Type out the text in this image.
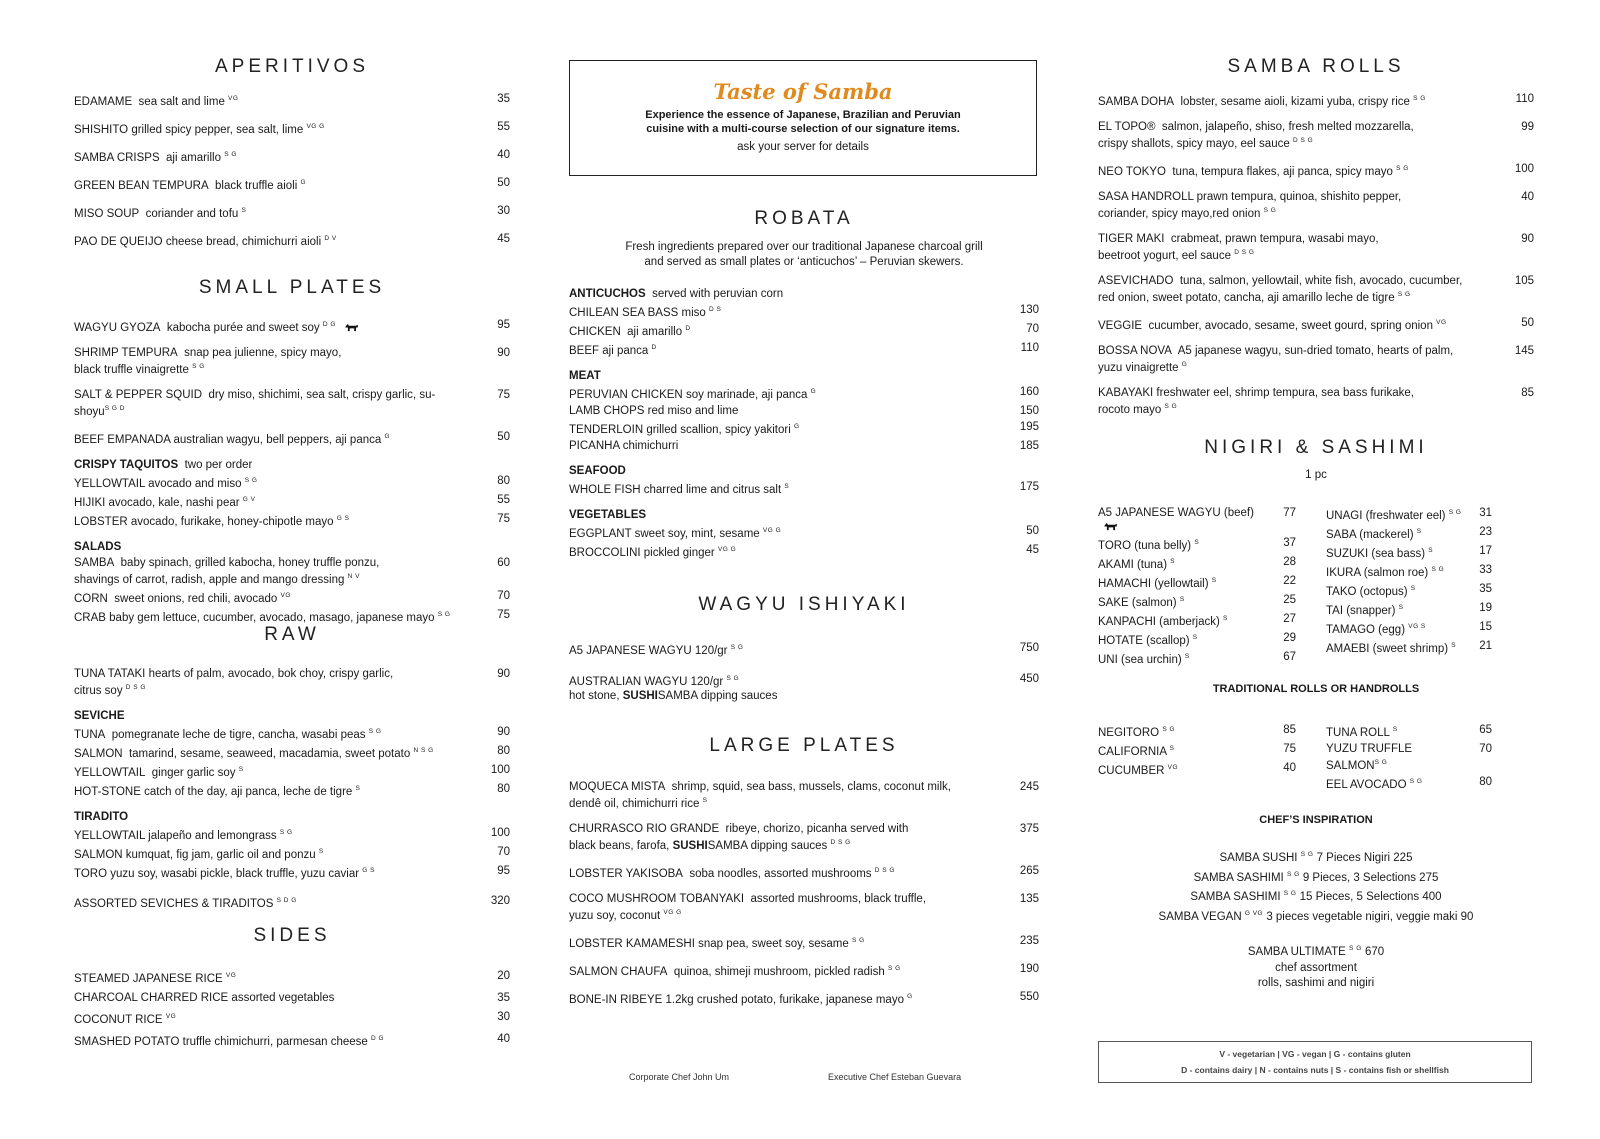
APERITIVOS
EDAMAME sea salt and lime $^{VG}$	35
SHISHITO grilled spicy pepper, sea salt, lime $^{VG G}$	55
SAMBA CRISPS aji amarillo $^{S G}$	40
GREEN BEAN TEMPURA black truffle aioli $^G$	50
MISO SOUP coriander and tofu $^S$	30
PAO DE QUEIJO cheese bread, chimichurri aioli $^{D V}$	45
SMALL PLATES
WAGYU GYOZA kabocha purée and sweet soy $^{D G}$	95
SHRIMP TEMPURA snap pea julienne, spicy mayo,
black truffle vinaigrette $^{S G}$
90
SALT & PEPPER SQUID dry miso, shichimi, sea salt, crispy garlic, su-shoyu$^{S G D}$
75
BEEF EMPANADA australian wagyu, bell peppers, aji panca $^G$	50
CRISPY TAQUITOS two per order
YELLOWTAIL avocado and miso $^{S G}$	80
HIJIKI avocado, kale, nashi pear $^{G V}$	55
LOBSTER avocado, furikake, honey-chipotle mayo $^{G S}$	75
SALADS
SAMBA baby spinach, grilled kabocha, honey truffle ponzu,
shavings of carrot, radish, apple and mango dressing $^{N V}$
60
CORN sweet onions, red chili, avocado $^{VG}$	70
CRAB baby gem lettuce, cucumber, avocado, masago, japanese mayo $^{S G}$	75
RAW
TUNA TATAKI hearts of palm, avocado, bok choy, crispy garlic,
citrus soy $^{D S G}$
90
SEVICHE
TUNA pomegranate leche de tigre, cancha, wasabi peas $^{S G}$	90
SALMON tamarind, sesame, seaweed, macadamia, sweet potato $^{N S G}$	80
YELLOWTAIL ginger garlic soy $^S$	100
HOT-STONE catch of the day, aji panca, leche de tigre $^S$	80
TIRADITO
YELLOWTAIL jalapeño and lemongrass $^{S G}$	100
SALMON kumquat, fig jam, garlic oil and ponzu $^S$	70
TORO yuzu soy, wasabi pickle, black truffle, yuzu caviar $^{G S}$	95
ASSORTED SEVICHES & TIRADITOS $^{S D G}$	320
SIDES
STEAMED JAPANESE RICE $^{VG}$	20
CHARCOAL CHARRED RICE assorted vegetables	35
COCONUT RICE $^{VG}$	30
SMASHED POTATO truffle chimichurri, parmesan cheese $^{D G}$	40
Taste of Samba
Experience the essence of Japanese, Brazilian and Peruvian
cuisine with a multi-course selection of our signature items.
ask your server for details
ROBATA
Fresh ingredients prepared over our traditional Japanese charcoal grill
and served as small plates or ‘anticuchos’ – Peruvian skewers.
ANTICUCHOS served with peruvian corn
CHILEAN SEA BASS miso $^{D S}$	130
CHICKEN aji amarillo $^D$	70
BEEF aji panca $^D$	110
MEAT
PERUVIAN CHICKEN soy marinade, aji panca $^G$	160
LAMB CHOPS red miso and lime	150
TENDERLOIN grilled scallion, spicy yakitori $^G$	195
PICANHA chimichurri	185
SEAFOOD
WHOLE FISH charred lime and citrus salt $^S$	175
VEGETABLES
EGGPLANT sweet soy, mint, sesame $^{VG G}$	50
BROCCOLINI pickled ginger $^{VG G}$	45
WAGYU ISHIYAKI
A5 JAPANESE WAGYU 120/gr $^{S G}$	750
AUSTRALIAN WAGYU 120/gr $^{S G}$
hot stone, SUSHISAMBA dipping sauces
450
LARGE PLATES
MOQUECA MISTA shrimp, squid, sea bass, mussels, clams, coconut milk,
dendê oil, chimichurri rice $^S$
245
CHURRASCO RIO GRANDE ribeye, chorizo, picanha served with
black beans, farofa, SUSHISAMBA dipping sauces $^{D S G}$
375
LOBSTER YAKISOBA soba noodles, assorted mushrooms $^{D S G}$	265
COCO MUSHROOM TOBANYAKI assorted mushrooms, black truffle,
yuzu soy, coconut $^{VG G}$
135
LOBSTER KAMAMESHI snap pea, sweet soy, sesame $^{S G}$	235
SALMON CHAUFA quinoa, shimeji mushroom, pickled radish $^{S G}$	190
BONE-IN RIBEYE 1.2kg crushed potato, furikake, japanese mayo $^G$	550
Corporate Chef John Um	Executive Chef Esteban Guevara
SAMBA ROLLS
SAMBA DOHA lobster, sesame aioli, kizami yuba, crispy rice $^{S G}$	110
EL TOPO® salmon, jalapeño, shiso, fresh melted mozzarella,
crispy shallots, spicy mayo, eel sauce $^{D S G}$
99
NEO TOKYO tuna, tempura flakes, aji panca, spicy mayo $^{S G}$	100
SASA HANDROLL prawn tempura, quinoa, shishito pepper,
coriander, spicy mayo,red onion $^{S G}$
40
TIGER MAKI crabmeat, prawn tempura, wasabi mayo,
beetroot yogurt, eel sauce $^{D S G}$
90
ASEVICHADO tuna, salmon, yellowtail, white fish, avocado, cucumber,
red onion, sweet potato, cancha, aji amarillo leche de tigre $^{S G}$
105
VEGGIE cucumber, avocado, sesame, sweet gourd, spring onion $^{VG}$	50
BOSSA NOVA A5 japanese wagyu, sun-dried tomato, hearts of palm,
yuzu vinaigrette $^G$
145
KABAYAKI freshwater eel, shrimp tempura, sea bass furikake,
rocoto mayo $^{S G}$
85
NIGIRI & SASHIMI
1 pc
A5 JAPANESE WAGYU (beef)	77
TORO (tuna belly) $^S$	37
AKAMI (tuna) $^S$	28
HAMACHI (yellowtail) $^S$	22
SAKE (salmon) $^S$	25
KANPACHI (amberjack) $^S$	27
HOTATE (scallop) $^S$	29
UNI (sea urchin) $^S$	67
UNAGI (freshwater eel) $^{S G}$	31
SABA (mackerel) $^S$	23
SUZUKI (sea bass) $^S$	17
IKURA (salmon roe) $^{S G}$	33
TAKO (octopus) $^S$	35
TAI (snapper) $^S$	19
TAMAGO (egg) $^{VG S}$	15
AMAEBI (sweet shrimp) $^S$	21
TRADITIONAL ROLLS OR HANDROLLS
NEGITORO $^{S G}$	85
CALIFORNIA $^S$	75
CUCUMBER $^{VG}$	40
TUNA ROLL $^S$	65
YUZU TRUFFLE $SALMON^{S G}$
70
EEL AVOCADO $^{S G}$	80
CHEF’S INSPIRATION
SAMBA SUSHI $^{S G}$ 7 Pieces Nigiri 225
SAMBA SASHIMI $^{S G}$ 9 Pieces, 3 Selections 275
SAMBA SASHIMI $^{S G}$ 15 Pieces, 5 Selections 400
SAMBA VEGAN $^{G VG}$ 3 pieces vegetable nigiri, veggie maki 90
SAMBA ULTIMATE $^{S G}$ 670
chef assortment
rolls, sashimi and nigiri
V - vegetarian | VG - vegan | G - contains gluten
D - contains dairy | N - contains nuts | S - contains fish or shellfish
